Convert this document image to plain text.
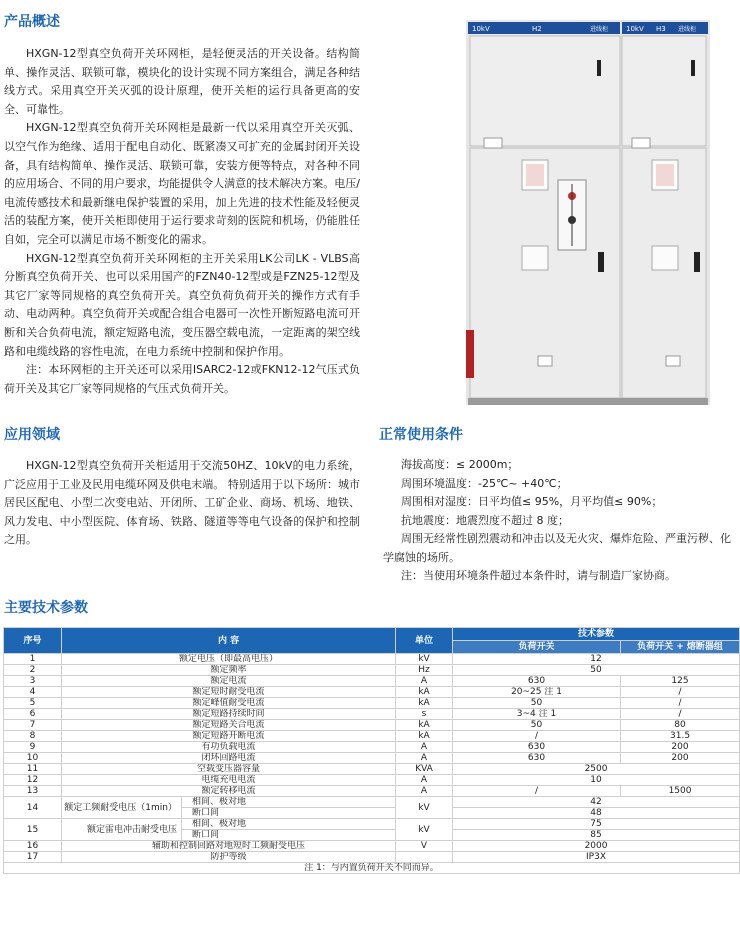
产品概述

HXGN-12型真空负荷开关环网柜，是轻便灵活的开关设备。结构简单、操作灵活、联锁可靠，模块化的设计实现不同方案组合，满足各种结线方式。采用真空开关灭弧的设计原理，使开关柜的运行具备更高的安全、可靠性。

HXGN-12型真空负荷开关环网柜是最新一代以采用真空开关灭弧、以空气作为绝缘、适用于配电自动化、既紧凑又可扩充的金属封闭开关设备，具有结构简单、操作灵活、联锁可靠，安装方便等特点，对各种不同的应用场合、不同的用户要求，均能提供令人满意的技术解决方案。电压/电流传感技术和最新继电保护装置的采用，加上先进的技术性能及轻便灵活的装配方案，使开关柜即使用于运行要求苛刻的医院和机场，仍能胜任自如，完全可以满足市场不断变化的需求。

HXGN-12型真空负荷开关环网柜的主开关采用LK公司LK - VLBS高分断真空负荷开关、也可以采用国产的FZN40-12型或是FZN25-12型及其它厂家等同规格的真空负荷开关。真空负荷负荷开关的操作方式有手动、电动两种。真空负荷开关或配合组合电器可一次性开断短路电流可开断和关合负荷电流，额定短路电流，变压器空载电流，一定距离的架空线路和电缆线路的容性电流，在电力系统中控制和保护作用。

注：本环网柜的主开关还可以采用ISARC2-12或FKN12-12气压式负荷开关及其它厂家等同规格的气压式负荷开关。

10kV	H2	进线柜	10kV H3 进线柜
应用领域

HXGN-12型真空负荷开关柜适用于交流50HZ、10kV的电力系统，广泛应用于工业及民用电缆环网及供电末端。 特别适用于以下场所：城市居民区配电、小型二次变电站、开闭所、工矿企业、商场、机场、地铁、风力发电、中小型医院、体育场、铁路、隧道等等电气设备的保护和控制之用。

正常使用条件

海拔高度：≤ 2000m；

周围环境温度：-25℃~ +40℃；

周围相对湿度：日平均值≤ 95%，月平均值≤ 90%；

抗地震度：地震烈度不超过 8 度；

周围无经常性剧烈震动和冲击以及无火灾、爆炸危险、严重污秽、化学腐蚀的场所。

注：当使用环境条件超过本条件时，请与制造厂家协商。

主要技术参数
序号	内 容		单位	技术参数	
				负荷开关	负荷开关 + 熔断器组
1	额定电压（即最高电压）		kV	12	
2	额定频率		Hz	50	
3	额定电流		A	630	125
4	额定短时耐受电流		kA	20~25 注 1	/
5	额定峰值耐受电流		kA	50	/
6	额定短路持续时间		s	3~4 注 1	/
7	额定短路关合电流		kA	50	80
8	额定短路开断电流		kA	/	31.5
9	有功负载电流		A	630	200
10	闭环回路电流		A	630	200
11	空载变压器容量		KVA	2500	
12	电缆充电电流		A	10	
13	额定转移电流		A	/	1500
14	额定工频耐受电压（1min）	相间、极对地	kV	42	
		断口间		48	
15	额定雷电冲击耐受电压	相间、极对地	kV	75	
		断口间		85	
16	辅助和控制回路对地短时工频耐受电压		V	2000	
17	防护等级			IP3X	
注 1：与内置负荷开关不同而异。					
